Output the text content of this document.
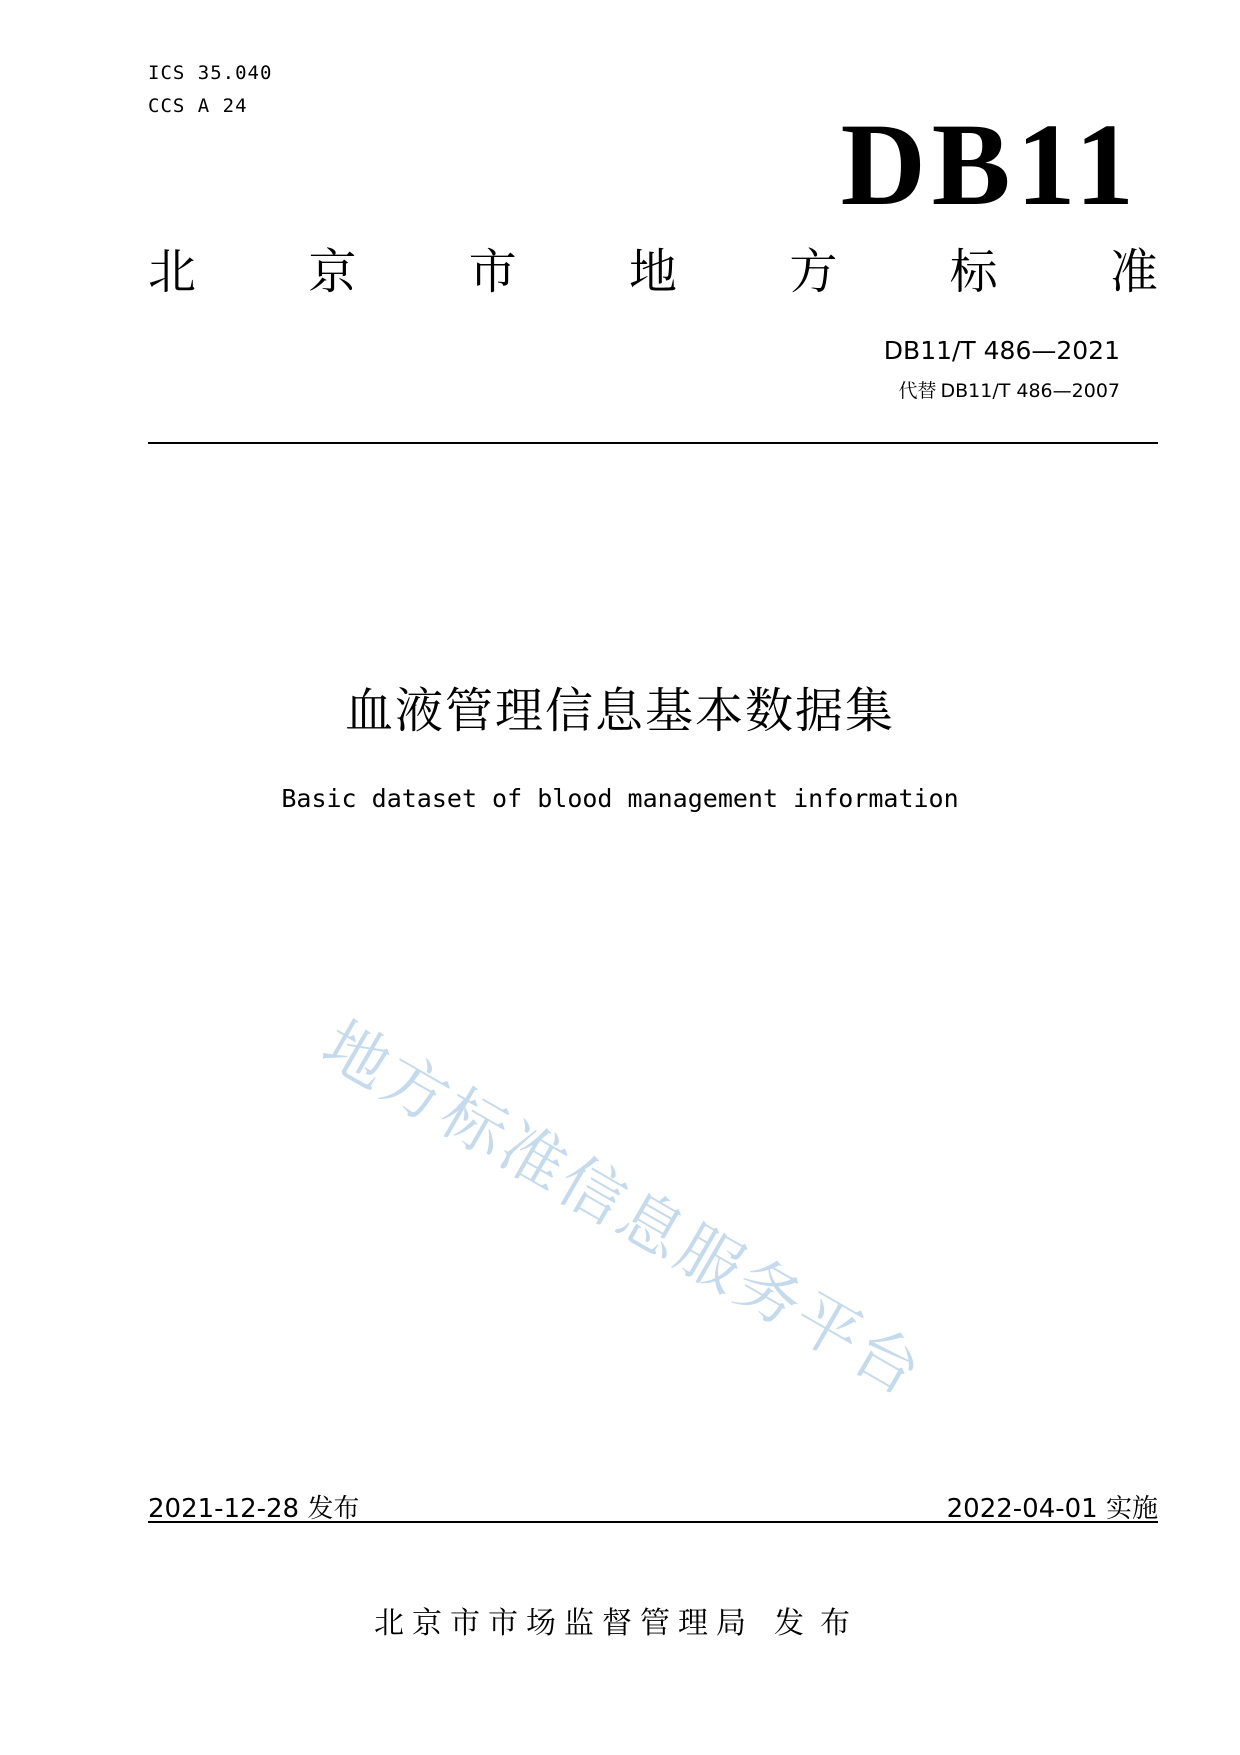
ICS 35.040
CCS A 24	DB11
北 京 市 地 方 标 准
DB11/T 486—2021
代替 DB11/T 486—2007
血液管理信息基本数据集
Basic dataset of blood management information
地方标准信息服务平台
2021-12-28 发布	2022-04-01 实施
北京市市场监督管理局 发布
